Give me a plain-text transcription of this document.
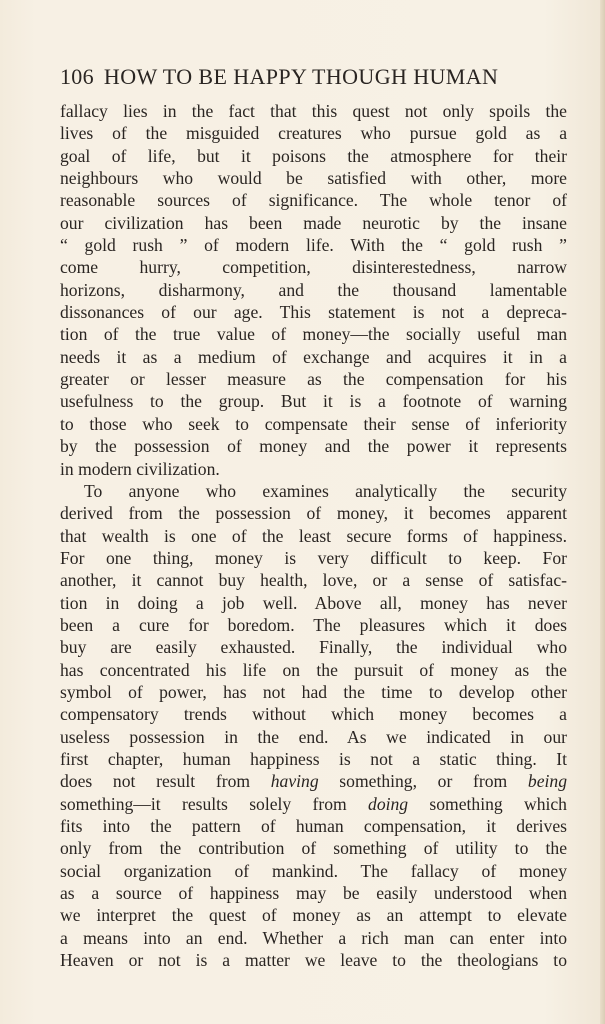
106 HOW TO BE HAPPY THOUGH HUMAN
fallacy lies in the fact that this quest not only spoils the
lives of the misguided creatures who pursue gold as a
goal of life, but it poisons the atmosphere for their
neighbours who would be satisfied with other, more
reasonable sources of significance. The whole tenor of
our civilization has been made neurotic by the insane
“ gold rush ” of modern life. With the “ gold rush ”
come hurry, competition, disinterestedness, narrow
horizons, disharmony, and the thousand lamentable
dissonances of our age. This statement is not a depreca-
tion of the true value of money—the socially useful man
needs it as a medium of exchange and acquires it in a
greater or lesser measure as the compensation for his
usefulness to the group. But it is a footnote of warning
to those who seek to compensate their sense of inferiority
by the possession of money and the power it represents
in modern civilization.
To anyone who examines analytically the security
derived from the possession of money, it becomes apparent
that wealth is one of the least secure forms of happiness.
For one thing, money is very difficult to keep. For
another, it cannot buy health, love, or a sense of satisfac-
tion in doing a job well. Above all, money has never
been a cure for boredom. The pleasures which it does
buy are easily exhausted. Finally, the individual who
has concentrated his life on the pursuit of money as the
symbol of power, has not had the time to develop other
compensatory trends without which money becomes a
useless possession in the end. As we indicated in our
first chapter, human happiness is not a static thing. It
does not result from having something, or from being
something—it results solely from doing something which
fits into the pattern of human compensation, it derives
only from the contribution of something of utility to the
social organization of mankind. The fallacy of money
as a source of happiness may be easily understood when
we interpret the quest of money as an attempt to elevate
a means into an end. Whether a rich man can enter into
Heaven or not is a matter we leave to the theologians to
